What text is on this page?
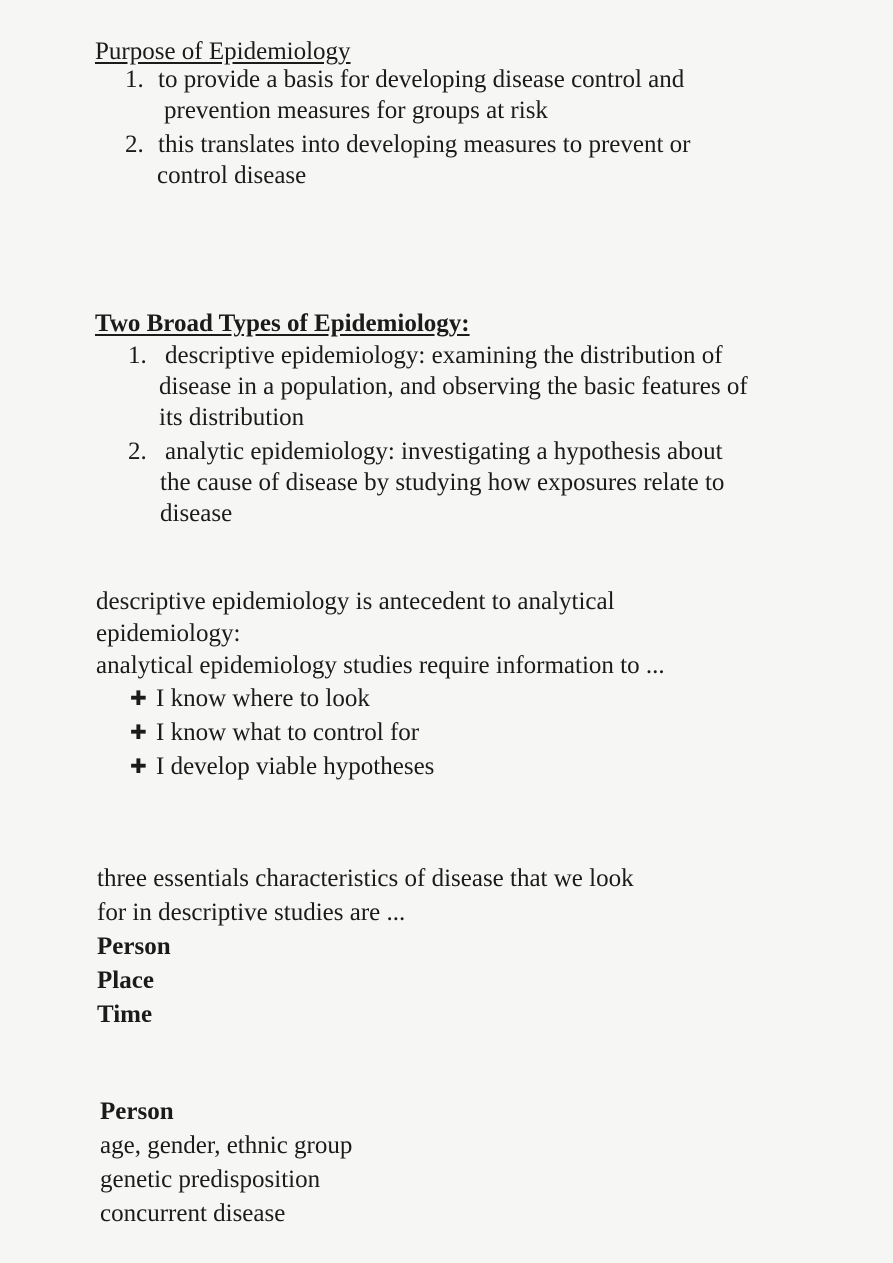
Purpose of Epidemiology
1. to provide a basis for developing disease control and
prevention measures for groups at risk
2. this translates into developing measures to prevent or
control disease
Two Broad Types of Epidemiology:
1. descriptive epidemiology: examining the distribution of
disease in a population, and observing the basic features of
its distribution
2. analytic epidemiology: investigating a hypothesis about
the cause of disease by studying how exposures relate to
disease
descriptive epidemiology is antecedent to analytical
epidemiology:
analytical epidemiology studies require information to ...
✚ I know where to look
✚ I know what to control for
✚ I develop viable hypotheses
three essentials characteristics of disease that we look
for in descriptive studies are ...
Person
Place
Time
Person
age, gender, ethnic group
genetic predisposition
concurrent disease
